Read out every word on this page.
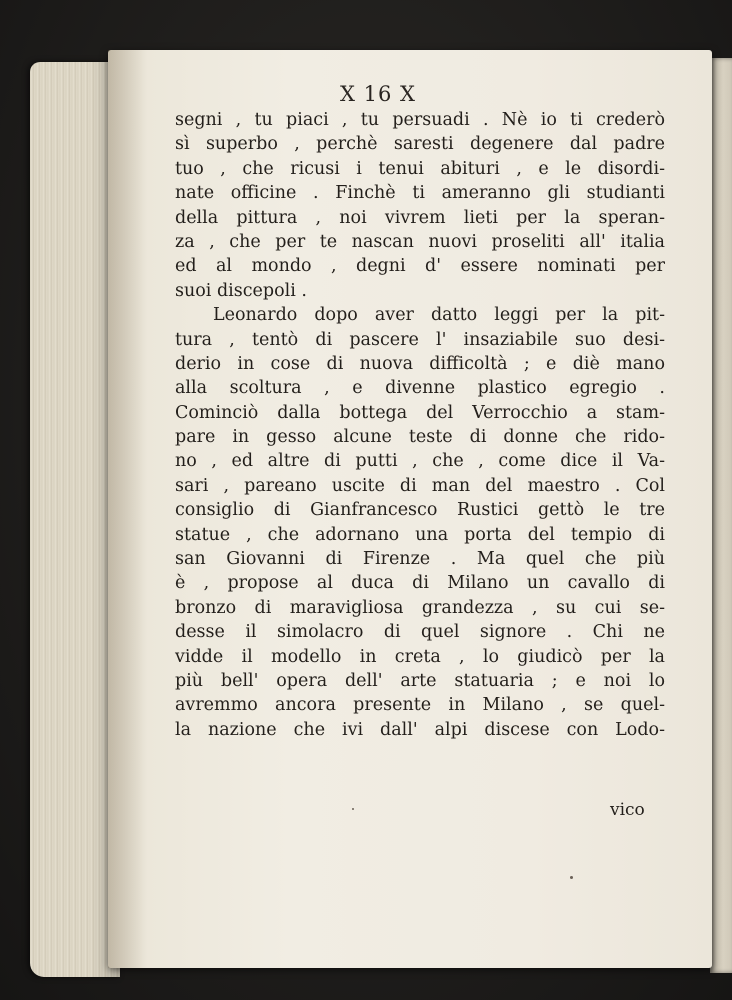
X 16 X
segni , tu piaci , tu persuadi . Nè io ti crederò
sì superbo , perchè saresti degenere dal padre
tuo , che ricusi i tenui abituri , e le disordi-
nate officine . Finchè ti ameranno gli studianti
della pittura , noi vivrem lieti per la speran-
za , che per te nascan nuovi proseliti all' italia
ed al mondo , degni d' essere nominati per
suoi discepoli .
Leonardo dopo aver datto leggi per la pit-
tura , tentò di pascere l' insaziabile suo desi-
derio in cose di nuova difficoltà ; e diè mano
alla scoltura , e divenne plastico egregio .
Cominciò dalla bottega del Verrocchio a stam-
pare in gesso alcune teste di donne che rido-
no , ed altre di putti , che , come dice il Va-
sari , pareano uscite di man del maestro . Col
consiglio di Gianfrancesco Rustici gettò le tre
statue , che adornano una porta del tempio di
san Giovanni di Firenze . Ma quel che più
è , propose al duca di Milano un cavallo di
bronzo di maravigliosa grandezza , su cui se-
desse il simolacro di quel signore . Chi ne
vidde il modello in creta , lo giudicò per la
più bell' opera dell' arte statuaria ; e noi lo
avremmo ancora presente in Milano , se quel-
la nazione che ivi dall' alpi discese con Lodo-
vico
